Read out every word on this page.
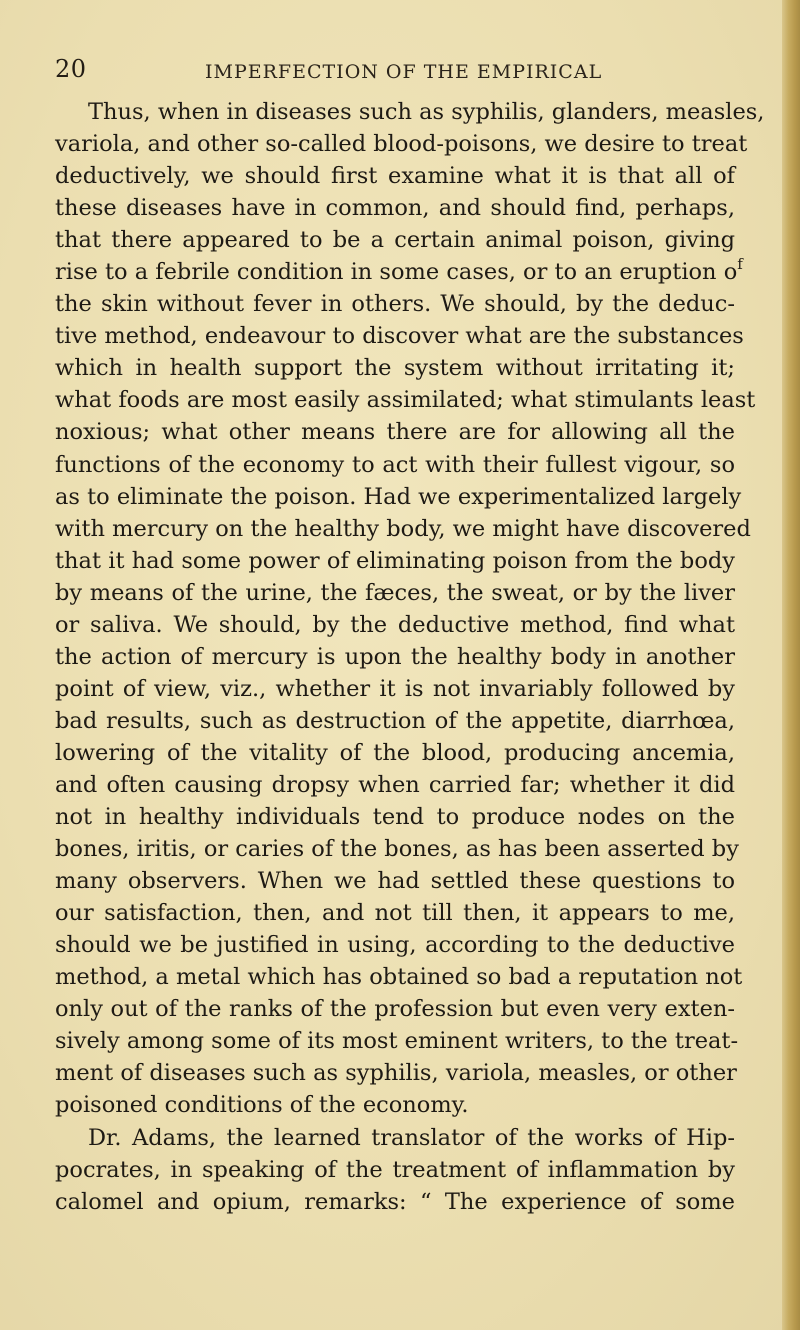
20	IMPERFECTION OF THE EMPIRICAL
Thus, when in diseases such as syphilis, glanders, measles,
variola, and other so-called blood-poisons, we desire to treat
deductively, we should first examine what it is that all of
these diseases have in common, and should find, perhaps,
that there appeared to be a certain animal poison, giving
rise to a febrile condition in some cases, or to an eruption $o^f$
the skin without fever in others. We should, by the deduc-
tive method, endeavour to discover what are the substances
which in health support the system without irritating it;
what foods are most easily assimilated; what stimulants least
noxious; what other means there are for allowing all the
functions of the economy to act with their fullest vigour, so
as to eliminate the poison. Had we experimentalized largely
with mercury on the healthy body, we might have discovered
that it had some power of eliminating poison from the body
by means of the urine, the fæces, the sweat, or by the liver
or saliva. We should, by the deductive method, find what
the action of mercury is upon the healthy body in another
point of view, viz., whether it is not invariably followed by
bad results, such as destruction of the appetite, diarrhœa,
lowering of the vitality of the blood, producing ancemia,
and often causing dropsy when carried far; whether it did
not in healthy individuals tend to produce nodes on the
bones, iritis, or caries of the bones, as has been asserted by
many observers. When we had settled these questions to
our satisfaction, then, and not till then, it appears to me,
should we be justified in using, according to the deductive
method, a metal which has obtained so bad a reputation not
only out of the ranks of the profession but even very exten-
sively among some of its most eminent writers, to the treat-
ment of diseases such as syphilis, variola, measles, or other
poisoned conditions of the economy.
Dr. Adams, the learned translator of the works of Hip-
pocrates, in speaking of the treatment of inflammation by
calomel and opium, remarks: “ The experience of some
